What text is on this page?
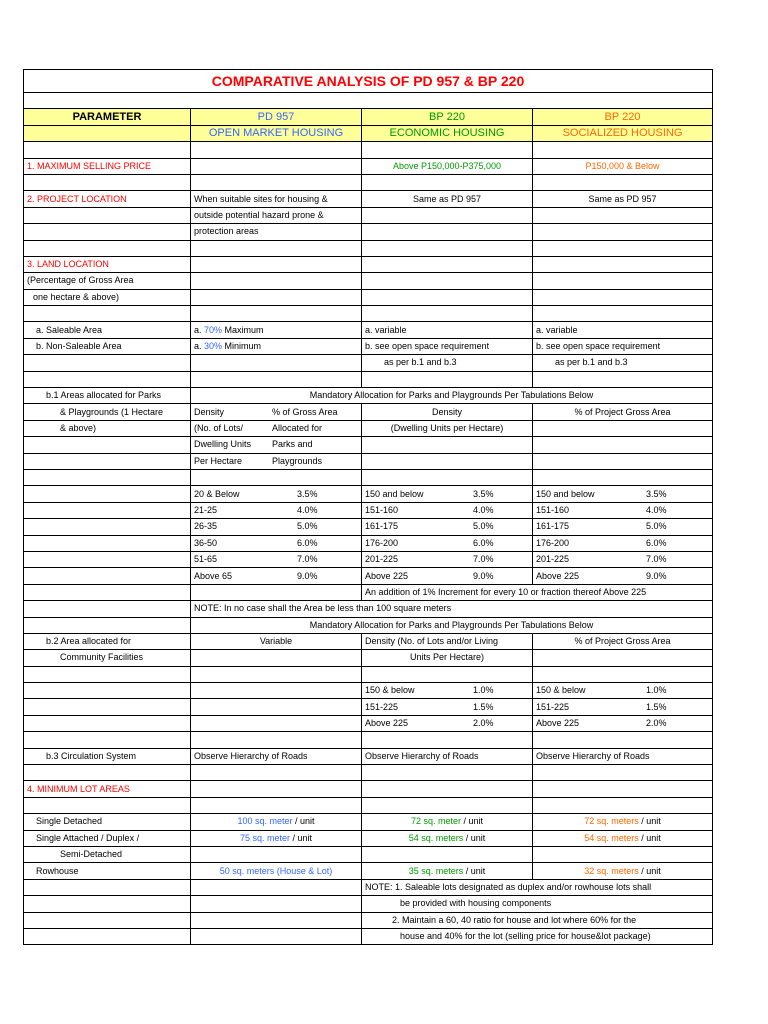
COMPARATIVE ANALYSIS OF PD 957 & BP 220			

PARAMETER	PD 957	BP 220	BP 220
	OPEN MARKET HOUSING	ECONOMIC HOUSING	SOCIALIZED HOUSING

1. MAXIMUM SELLING PRICE		Above P150,000-P375,000	P150,000 & Below

2. PROJECT LOCATION	When suitable sites for housing &	Same as PD 957	Same as PD 957
	outside potential hazard prone &		
	protection areas		

3. LAND LOCATION			
(Percentage of Gross Area			
one hectare & above)			

a. Saleable Area	a. 70% Maximum	a. variable	a. variable
b. Non-Saleable Area	a. 30% Minimum	b. see open space requirement	b. see open space requirement
		as per b.1 and b.3	as per b.1 and b.3

b.1 Areas allocated for Parks	Mandatory Allocation for Parks and Playgrounds Per Tabulations Below		
& Playgrounds (1 Hectare	Density % of Gross Area	Density	% of Project Gross Area
& above)	(No. of Lots/ Allocated for	(Dwelling Units per Hectare)	
	Dwelling Units Parks and		
	Per Hectare Playgrounds		

	20 & Below 3.5%	150 and below 3.5%	150 and below 3.5%
	21-25 4.0%	151-160 4.0%	151-160 4.0%
	26-35 5.0%	161-175 5.0%	161-175 5.0%
	36-50 6.0%	176-200 6.0%	176-200 6.0%
	51-65 7.0%	201-225 7.0%	201-225 7.0%
	Above 65 9.0%	Above 225 9.0%	Above 225 9.0%
		An addition of 1% Increment for every 10 or fraction thereof Above 225	
	NOTE: In no case shall the Area be less than 100 square meters		
	Mandatory Allocation for Parks and Playgrounds Per Tabulations Below		
b.2 Area allocated for	Variable	Density (No. of Lots and/or Living	% of Project Gross Area
Community Facilities		Units Per Hectare)	

		150 & below 1.0%	150 & below 1.0%
		151-225 1.5%	151-225 1.5%
		Above 225 2.0%	Above 225 2.0%

b.3 Circulation System	Observe Hierarchy of Roads	Observe Hierarchy of Roads	Observe Hierarchy of Roads

4. MINIMUM LOT AREAS			

Single Detached	100 sq. meter / unit	72 sq. meter / unit	72 sq. meters / unit
Single Attached / Duplex /	75 sq. meter / unit	54 sq. meters / unit	54 sq. meters / unit
Semi-Detached			
Rowhouse	50 sq. meters (House & Lot)	35 sq. meters / unit	32 sq. meters / unit
		NOTE: 1. Saleable lots designated as duplex and/or rowhouse lots shall	
		be provided with housing components	
		2. Maintain a 60, 40 ratio for house and lot where 60% for the	
		house and 40% for the lot (selling price for house&lot package)	
